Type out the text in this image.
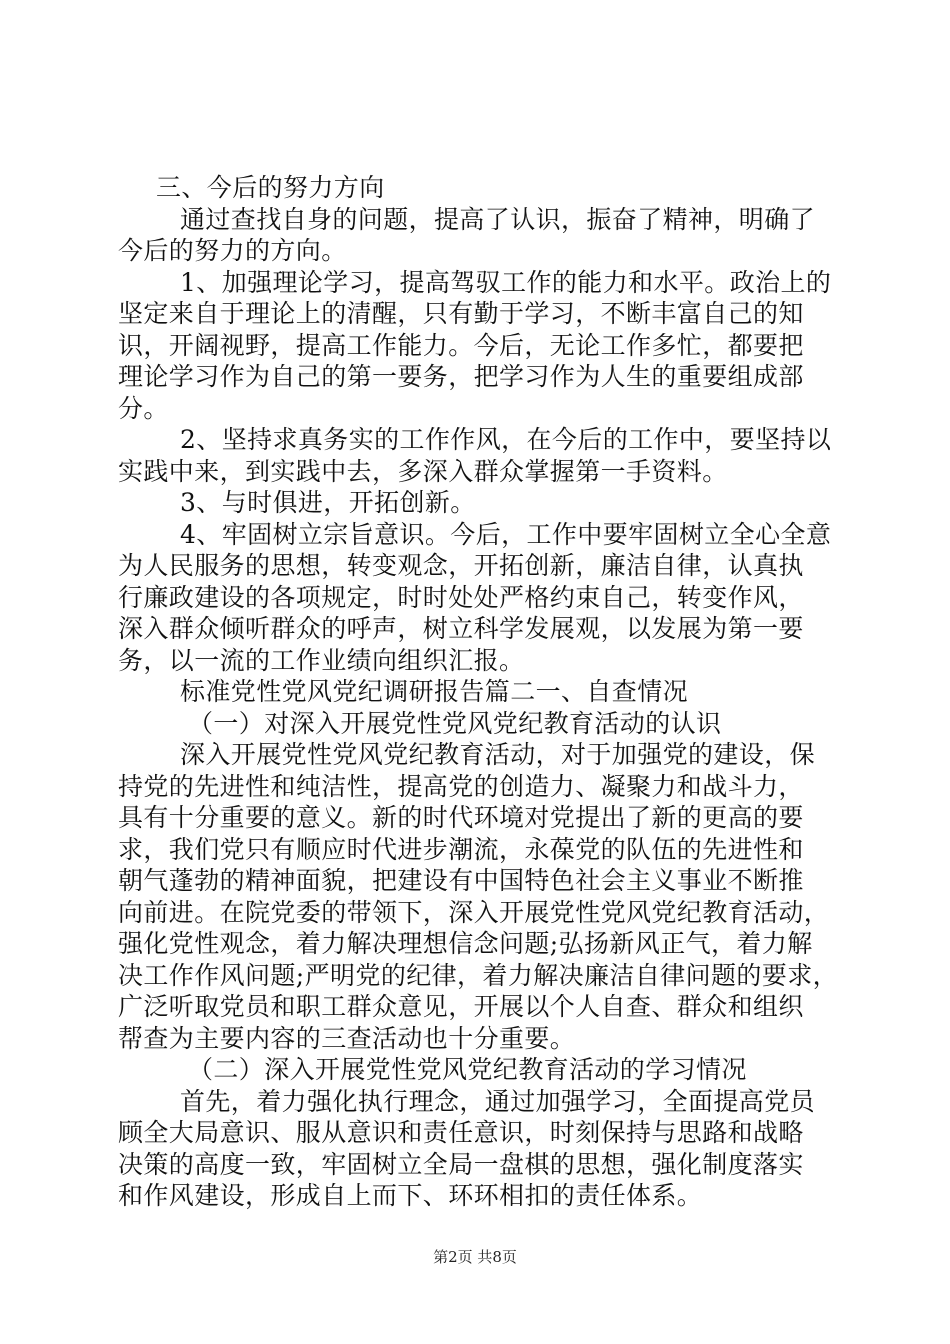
三、今后的努力方向
通过查找自身的问题，提高了认识，振奋了精神，明确了
今后的努力的方向。
1、加强理论学习，提高驾驭工作的能力和水平。政治上的
坚定来自于理论上的清醒，只有勤于学习，不断丰富自己的知
识，开阔视野，提高工作能力。今后，无论工作多忙，都要把
理论学习作为自己的第一要务，把学习作为人生的重要组成部
分。
2、坚持求真务实的工作作风，在今后的工作中，要坚持以
实践中来，到实践中去，多深入群众掌握第一手资料。
3、与时俱进，开拓创新。
4、牢固树立宗旨意识。今后，工作中要牢固树立全心全意
为人民服务的思想，转变观念，开拓创新，廉洁自律，认真执
行廉政建设的各项规定，时时处处严格约束自己，转变作风，
深入群众倾听群众的呼声，树立科学发展观，以发展为第一要
务，以一流的工作业绩向组织汇报。
标准党性党风党纪调研报告篇二一、自查情况
（一）对深入开展党性党风党纪教育活动的认识
深入开展党性党风党纪教育活动，对于加强党的建设，保
持党的先进性和纯洁性，提高党的创造力、凝聚力和战斗力，
具有十分重要的意义。新的时代环境对党提出了新的更高的要
求，我们党只有顺应时代进步潮流，永葆党的队伍的先进性和
朝气蓬勃的精神面貌，把建设有中国特色社会主义事业不断推
向前进。在院党委的带领下，深入开展党性党风党纪教育活动，
强化党性观念，着力解决理想信念问题;弘扬新风正气，着力解
决工作作风问题;严明党的纪律，着力解决廉洁自律问题的要求，
广泛听取党员和职工群众意见，开展以个人自查、群众和组织
帮查为主要内容的三查活动也十分重要。
（二）深入开展党性党风党纪教育活动的学习情况
首先，着力强化执行理念，通过加强学习，全面提高党员
顾全大局意识、服从意识和责任意识，时刻保持与思路和战略
决策的高度一致，牢固树立全局一盘棋的思想，强化制度落实
和作风建设，形成自上而下、环环相扣的责任体系。
第2页 共8页
